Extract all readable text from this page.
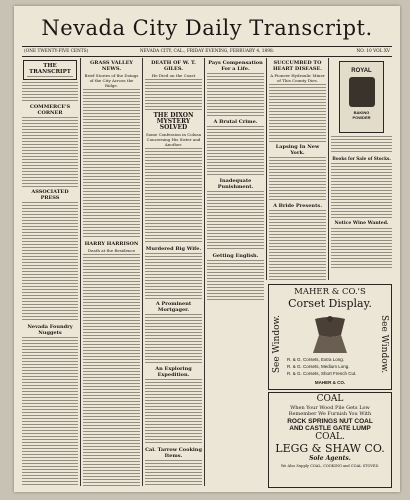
Nevada City Daily Transcript.
(ONE TWENTY-FIVE CENTS)	NEVADA CITY, CAL., FRIDAY EVENING, FEBRUARY 4, 1898.	NO. 10 VOL XV
THE TRANSCRIPT
COMMERCE'S CORNER
ASSOCIATED PRESS
Nevada Foundry Nuggets
GRASS VALLEY NEWS.
Brief Stories of the Doings of the City Across the Ridge.
HARRY HARRISON
Death at the Residence
DEATH OF W. T. GILES.
He Died on the Coast
THE DIXON MYSTERY SOLVED
Some Confession in Colusa Concerning His Sister and Another.
Murdered Big Wife.
A Prominent Mortgager.
An Exploring Expedition.
Cal. Tarrow Cooking Items.
Pays Compensation For a Life.
A Brutal Crime.
Inadequate Punishment.
Getting English.
SUCCUMBED TO HEART DISEASE.
A Pioneer Hydraulic Miner of This County Dies.
Lapsing In New York.
A Bride Presents.
ROYAL
BAKING
POWDER
Books for Sale of Stocks.
Notice Wine Wanted.
MAHER & CO.'S
Corset Display.
See Window.	See Window.
R. & G. Corsets, Extra Long.
R. & G. Corsets, Medium Long.
R. & G. Corsets, Short French Cut.
MAHER & CO.
COAL
When Your Wood Pile Gets Low
Remember We Furnish You With
ROCK SPRINGS NUT COAL
AND CASTLE GATE LUMP
COAL.
LEGG & SHAW CO.
Sole Agents.
We Also Supply COAL, COOKING and COAL STOVES.
